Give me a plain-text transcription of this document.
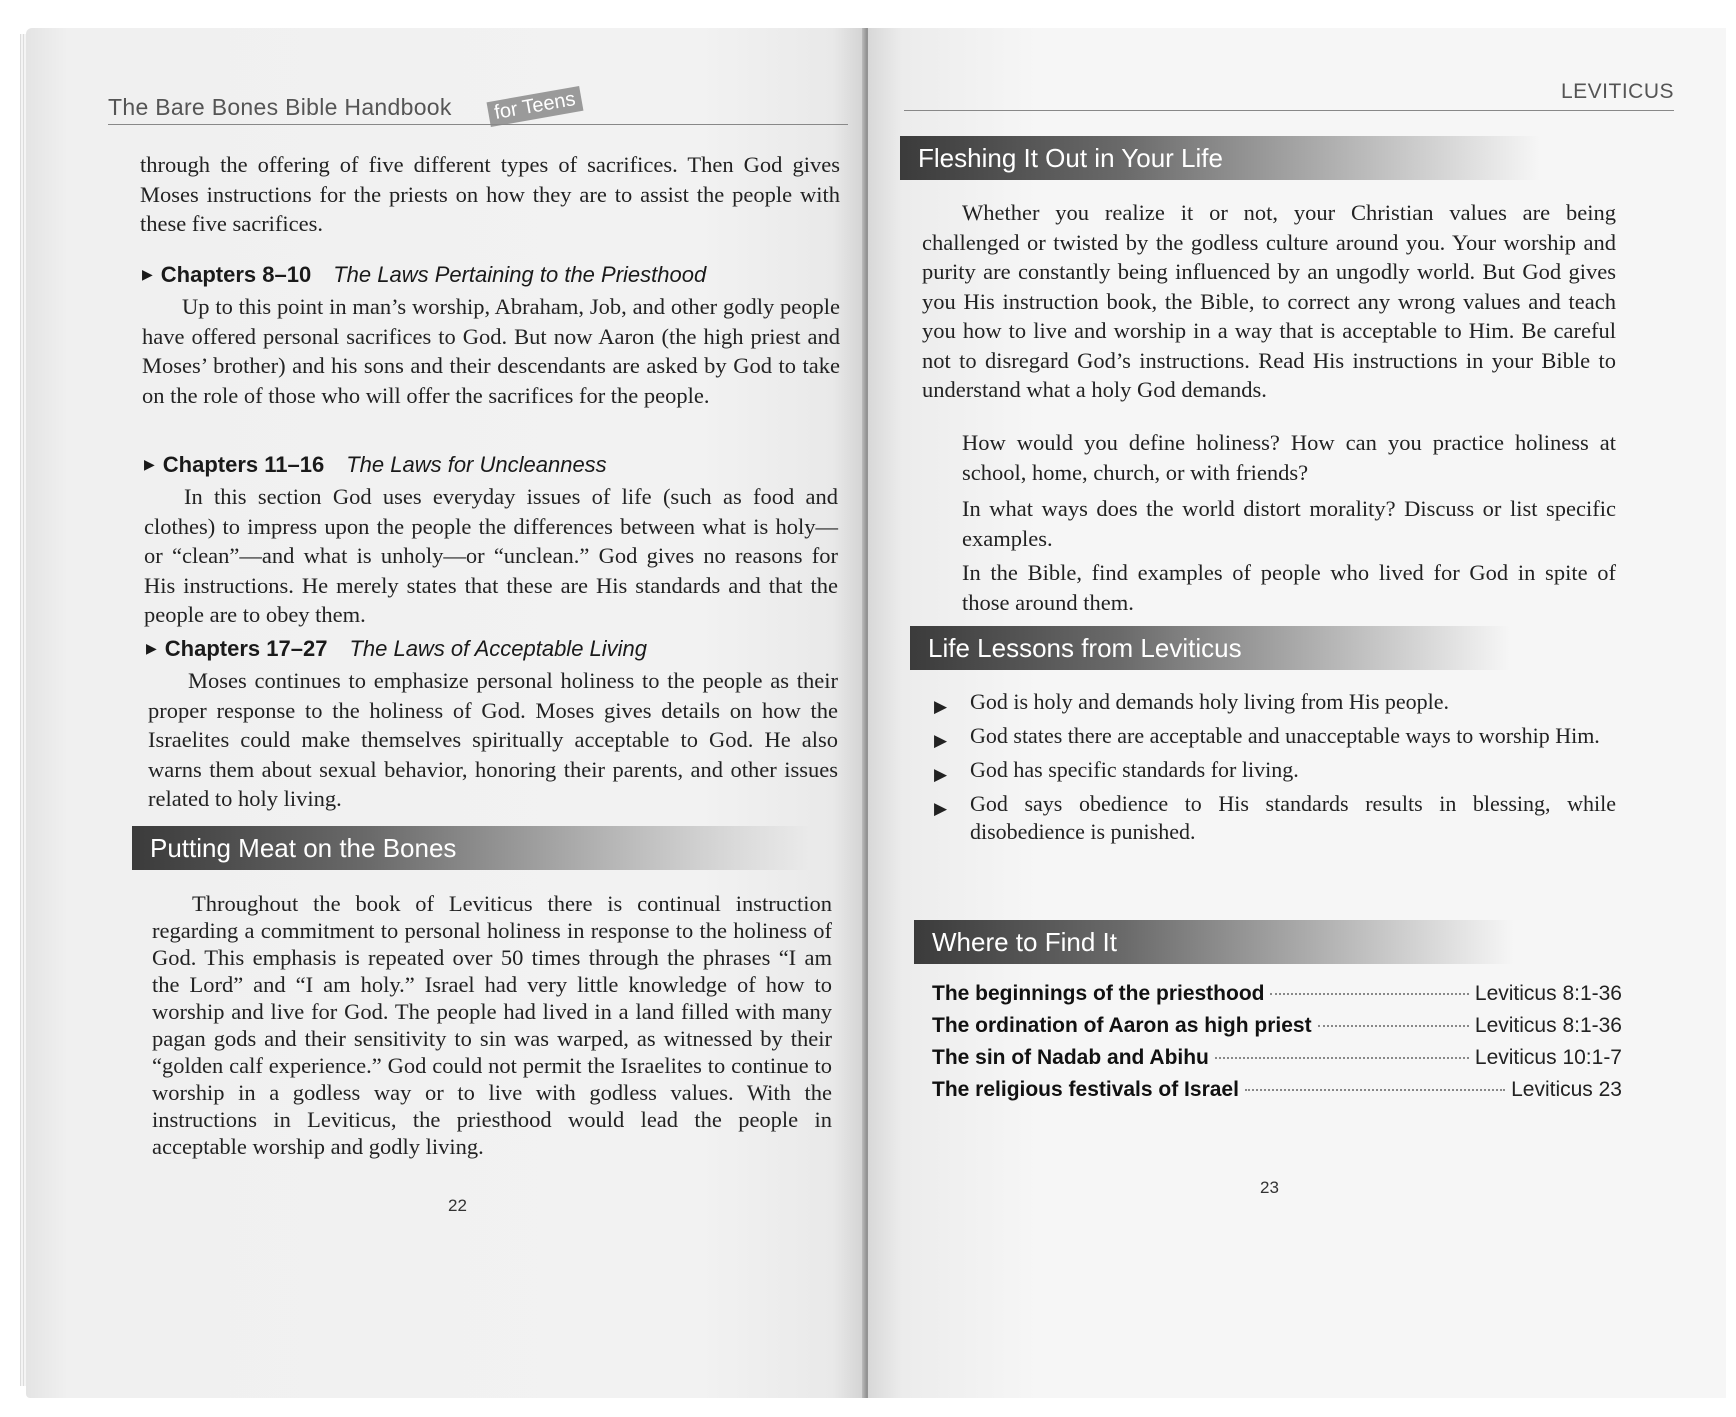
The Bare Bones Bible Handbook	for Teens

through the offering of five different types of sacrifices. Then God gives Moses instructions for the priests on how they are to assist the people with these five sacrifices.

▶ Chapters 8–10 The Laws Pertaining to the Priesthood

Up to this point in man’s worship, Abraham, Job, and other godly people have offered personal sacrifices to God. But now Aaron (the high priest and Moses’ brother) and his sons and their descendants are asked by God to take on the role of those who will offer the sacrifices for the people.

▶ Chapters 11–16 The Laws for Uncleanness

In this section God uses everyday issues of life (such as food and clothes) to impress upon the people the differences between what is holy—or “clean”—and what is unholy—or “unclean.” God gives no reasons for His instructions. He merely states that these are His standards and that the people are to obey them.

▶ Chapters 17–27 The Laws of Acceptable Living

Moses continues to emphasize personal holiness to the people as their proper response to the holiness of God. Moses gives details on how the Israelites could make themselves spiritually acceptable to God. He also warns them about sexual behavior, honoring their parents, and other issues related to holy living.

Putting Meat on the Bones

Throughout the book of Leviticus there is continual instruction regarding a commitment to personal holiness in response to the holiness of God. This emphasis is repeated over 50 times through the phrases “I am the Lord” and “I am holy.” Israel had very little knowledge of how to worship and live for God. The people had lived in a land filled with many pagan gods and their sensitivity to sin was warped, as witnessed by their “golden calf experience.” God could not permit the Israelites to continue to worship in a godless way or to live with godless values. With the instructions in Leviticus, the priesthood would lead the people in acceptable worship and godly living.

22
LEVITICUS
Fleshing It Out in Your Life

Whether you realize it or not, your Christian values are being challenged or twisted by the godless culture around you. Your worship and purity are constantly being influenced by an ungodly world. But God gives you His instruction book, the Bible, to correct any wrong values and teach you how to live and worship in a way that is acceptable to Him. Be careful not to disregard God’s instructions. Read His instructions in your Bible to understand what a holy God demands.

How would you define holiness? How can you practice holiness at school, home, church, or with friends?

In what ways does the world distort morality? Discuss or list specific examples.

In the Bible, find examples of people who lived for God in spite of those around them.

Life Lessons from Leviticus
▶ God is holy and demands holy living from His people.
▶ God states there are acceptable and unacceptable ways to worship Him.
▶ God has specific standards for living.
▶ God says obedience to His standards results in blessing, while disobedience is punished.
Where to Find It
The beginnings of the priesthood	Leviticus 8:1-36
The ordination of Aaron as high priest	Leviticus 8:1-36
The sin of Nadab and Abihu	Leviticus 10:1-7
The religious festivals of Israel	Leviticus 23
23
